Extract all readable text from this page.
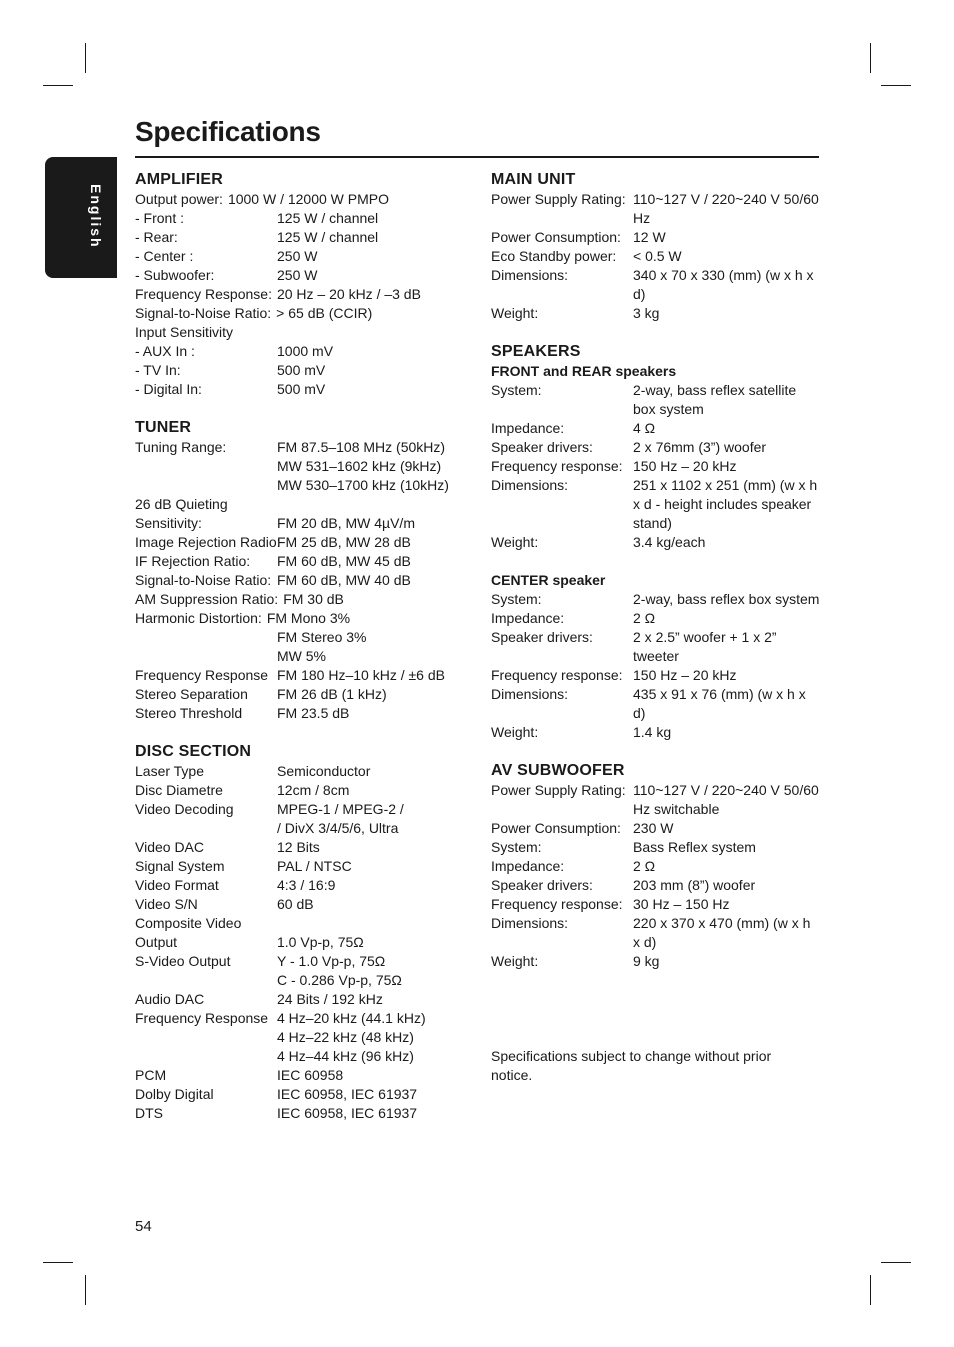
Specifications
English
AMPLIFIER
Output power: 1000 W / 12000 W PMPO
- Front :	125 W / channel
- Rear:	125 W / channel
- Center :	250 W
- Subwoofer:	250 W
Frequency Response: 20 Hz – 20 kHz / –3 dB
Signal-to-Noise Ratio: > 65 dB (CCIR)
Input Sensitivity
- AUX In :	1000 mV
- TV In:	500 mV
- Digital In:	500 mV
TUNER
Tuning Range:	FM 87.5–108 MHz (50kHz)
MW 531–1602 kHz (9kHz)
MW 530–1700 kHz (10kHz)
26 dB Quieting
Sensitivity:	FM 20 dB, MW 4µV/m
Image Rejection Radio:
FM 25 dB, MW 28 dB
IF Rejection Ratio:	FM 60 dB, MW 45 dB
Signal-to-Noise Ratio: FM 60 dB, MW 40 dB
AM Suppression Ratio: FM 30 dB
Harmonic Distortion: FM Mono 3%
FM Stereo 3%
MW 5%
Frequency Response FM 180 Hz–10 kHz / ±6 dB
Stereo Separation	FM 26 dB (1 kHz)
Stereo Threshold	FM 23.5 dB
DISC SECTION
Laser Type	Semiconductor
Disc Diametre	12cm / 8cm
Video Decoding	MPEG-1 / MPEG-2 /
/ DivX 3/4/5/6, Ultra
Video DAC	12 Bits
Signal System	PAL / NTSC
Video Format	4:3 / 16:9
Video S/N	60 dB
Composite Video
Output	1.0 Vp-p, 75Ω
S-Video Output	Y - 1.0 Vp-p, 75Ω
C - 0.286 Vp-p, 75Ω
Audio DAC	24 Bits / 192 kHz
Frequency Response 4 Hz–20 kHz (44.1 kHz)
4 Hz–22 kHz (48 kHz)
4 Hz–44 kHz (96 kHz)
PCM	IEC 60958
Dolby Digital	IEC 60958, IEC 61937
DTS	IEC 60958, IEC 61937
MAIN UNIT
Power Supply Rating: 110~127 V / 220~240 V 50/60 Hz
Power Consumption: 12 W
Eco Standby power:	< 0.5 W
Dimensions:	340 x 70 x 330 (mm) (w x h x d)
Weight:	3 kg
SPEAKERS
FRONT and REAR speakers
System:	2-way, bass reflex satellite box system
Impedance:	4 Ω
Speaker drivers:	2 x 76mm (3”) woofer
Frequency response: 150 Hz – 20 kHz
Dimensions:	251 x 1102 x 251 (mm) (w x h x d - height includes speaker stand)
Weight:	3.4 kg/each
CENTER speaker
System:	2-way, bass reflex box system
Impedance:	2 Ω
Speaker drivers:	2 x 2.5” woofer + 1 x 2” tweeter
Frequency response: 150 Hz – 20 kHz
Dimensions:	435 x 91 x 76 (mm) (w x h x d)
Weight:	1.4 kg
AV SUBWOOFER
Power Supply Rating: 110~127 V / 220~240 V 50/60 Hz switchable
Power Consumption: 230 W
System:	Bass Reflex system
Impedance:	2 Ω
Speaker drivers:	203 mm (8”) woofer
Frequency response: 30 Hz – 150 Hz
Dimensions:	220 x 370 x 470 (mm) (w x h x d)
Weight:	9 kg
Specifications subject to change without prior notice.
54
